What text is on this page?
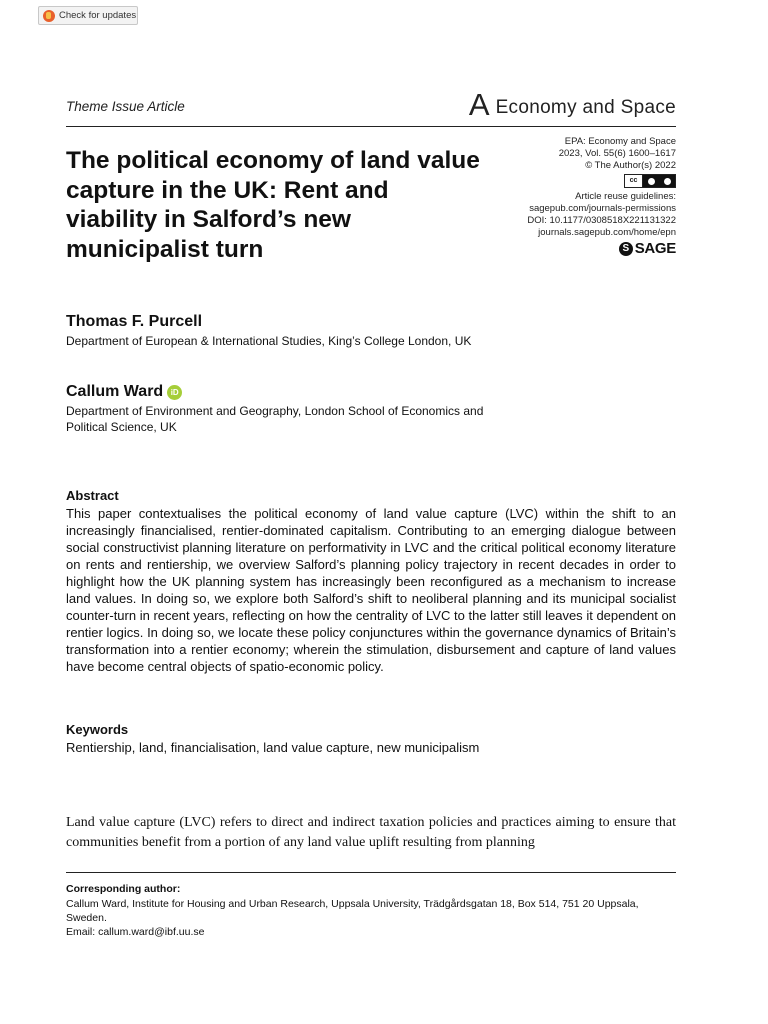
Check for updates
Theme Issue Article	A Economy and Space
The political economy of land value capture in the UK: Rent and viability in Salford’s new municipalist turn
EPA: Economy and Space
2023, Vol. 55(6) 1600–1617
© The Author(s) 2022
cc
Article reuse guidelines:
sagepub.com/journals-permissions
DOI: 10.1177/0308518X221131322
journals.sagepub.com/home/epn
S SAGE
Thomas F. Purcell
Department of European & International Studies, King’s College London, UK
Callum Ward iD
Department of Environment and Geography, London School of Economics and Political Science, UK
Abstract

This paper contextualises the political economy of land value capture (LVC) within the shift to an increasingly financialised, rentier-dominated capitalism. Contributing to an emerging dialogue between social constructivist planning literature on performativity in LVC and the critical political economy literature on rents and rentiership, we overview Salford’s planning policy trajectory in recent decades in order to highlight how the UK planning system has increasingly been reconfigured as a mechanism to increase land values. In doing so, we explore both Salford’s shift to neoliberal planning and its municipal socialist counter-turn in recent years, reflecting on how the centrality of LVC to the latter still leaves it dependent on rentier logics. In doing so, we locate these policy conjunctures within the governance dynamics of Britain’s transformation into a rentier economy; wherein the stimulation, disbursement and capture of land values have become central objects of spatio-economic policy.

Keywords
Rentiership, land, financialisation, land value capture, new municipalism

Land value capture (LVC) refers to direct and indirect taxation policies and practices aiming to ensure that communities benefit from a portion of any land value uplift resulting from planning

Corresponding author:
Callum Ward, Institute for Housing and Urban Research, Uppsala University, Trädgårdsgatan 18, Box 514, 751 20 Uppsala, Sweden.
Email: callum.ward@ibf.uu.se
